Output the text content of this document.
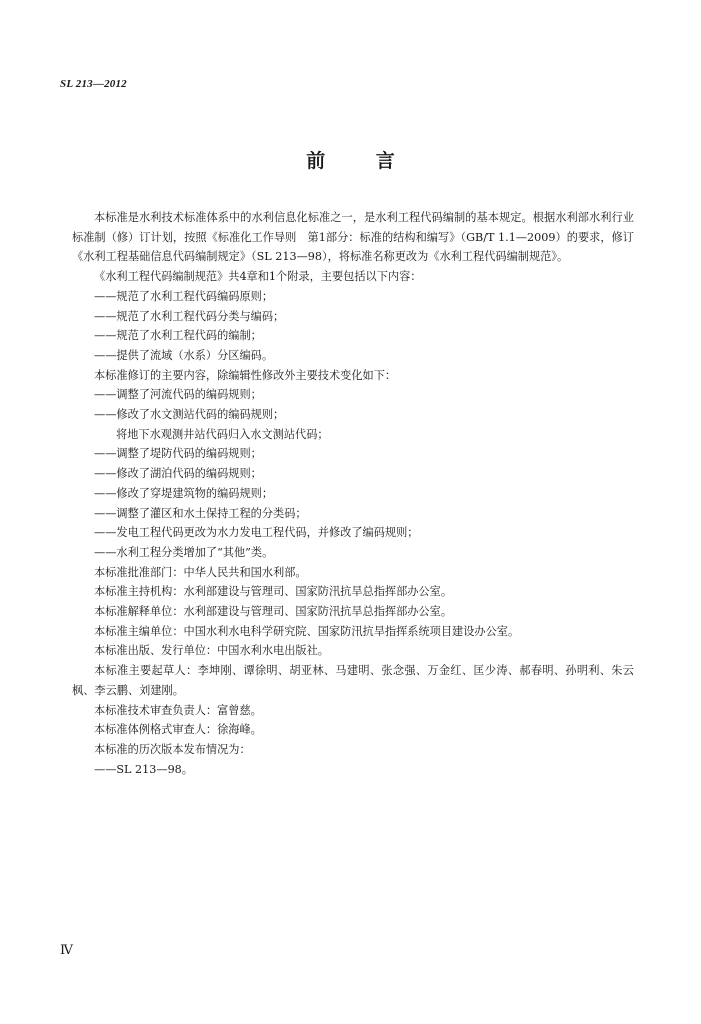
SL 213—2012
前 言

本标准是水利技术标准体系中的水利信息化标准之一，是水利工程代码编制的基本规定。根据水利部水利行业标准制（修）订计划，按照《标准化工作导则　第1部分：标准的结构和编写》（GB/T 1.1—2009）的要求，修订《水利工程基础信息代码编制规定》（SL 213—98），将标准名称更改为《水利工程代码编制规范》。

《水利工程代码编制规范》共4章和1个附录，主要包括以下内容：

——规范了水利工程代码编码原则；

——规范了水利工程代码分类与编码；

——规范了水利工程代码的编制；

——提供了流域（水系）分区编码。

本标准修订的主要内容，除编辑性修改外主要技术变化如下：

——调整了河流代码的编码规则；

——修改了水文测站代码的编码规则；

将地下水观测井站代码归入水文测站代码；

——调整了堤防代码的编码规则；

——修改了湖泊代码的编码规则；

——修改了穿堤建筑物的编码规则；

——调整了灌区和水土保持工程的分类码；

——发电工程代码更改为水力发电工程代码，并修改了编码规则；

——水利工程分类增加了“其他”类。

本标准批准部门：中华人民共和国水利部。

本标准主持机构：水利部建设与管理司、国家防汛抗旱总指挥部办公室。

本标准解释单位：水利部建设与管理司、国家防汛抗旱总指挥部办公室。

本标准主编单位：中国水利水电科学研究院、国家防汛抗旱指挥系统项目建设办公室。

本标准出版、发行单位：中国水利水电出版社。

本标准主要起草人：李坤刚、谭徐明、胡亚林、马建明、张念强、万金红、匡少涛、郝春明、孙明利、朱云枫、李云鹏、刘建刚。

本标准技术审查负责人：富曾慈。

本标准体例格式审查人：徐海峰。

本标准的历次版本发布情况为：

——SL 213—98。

Ⅳ
